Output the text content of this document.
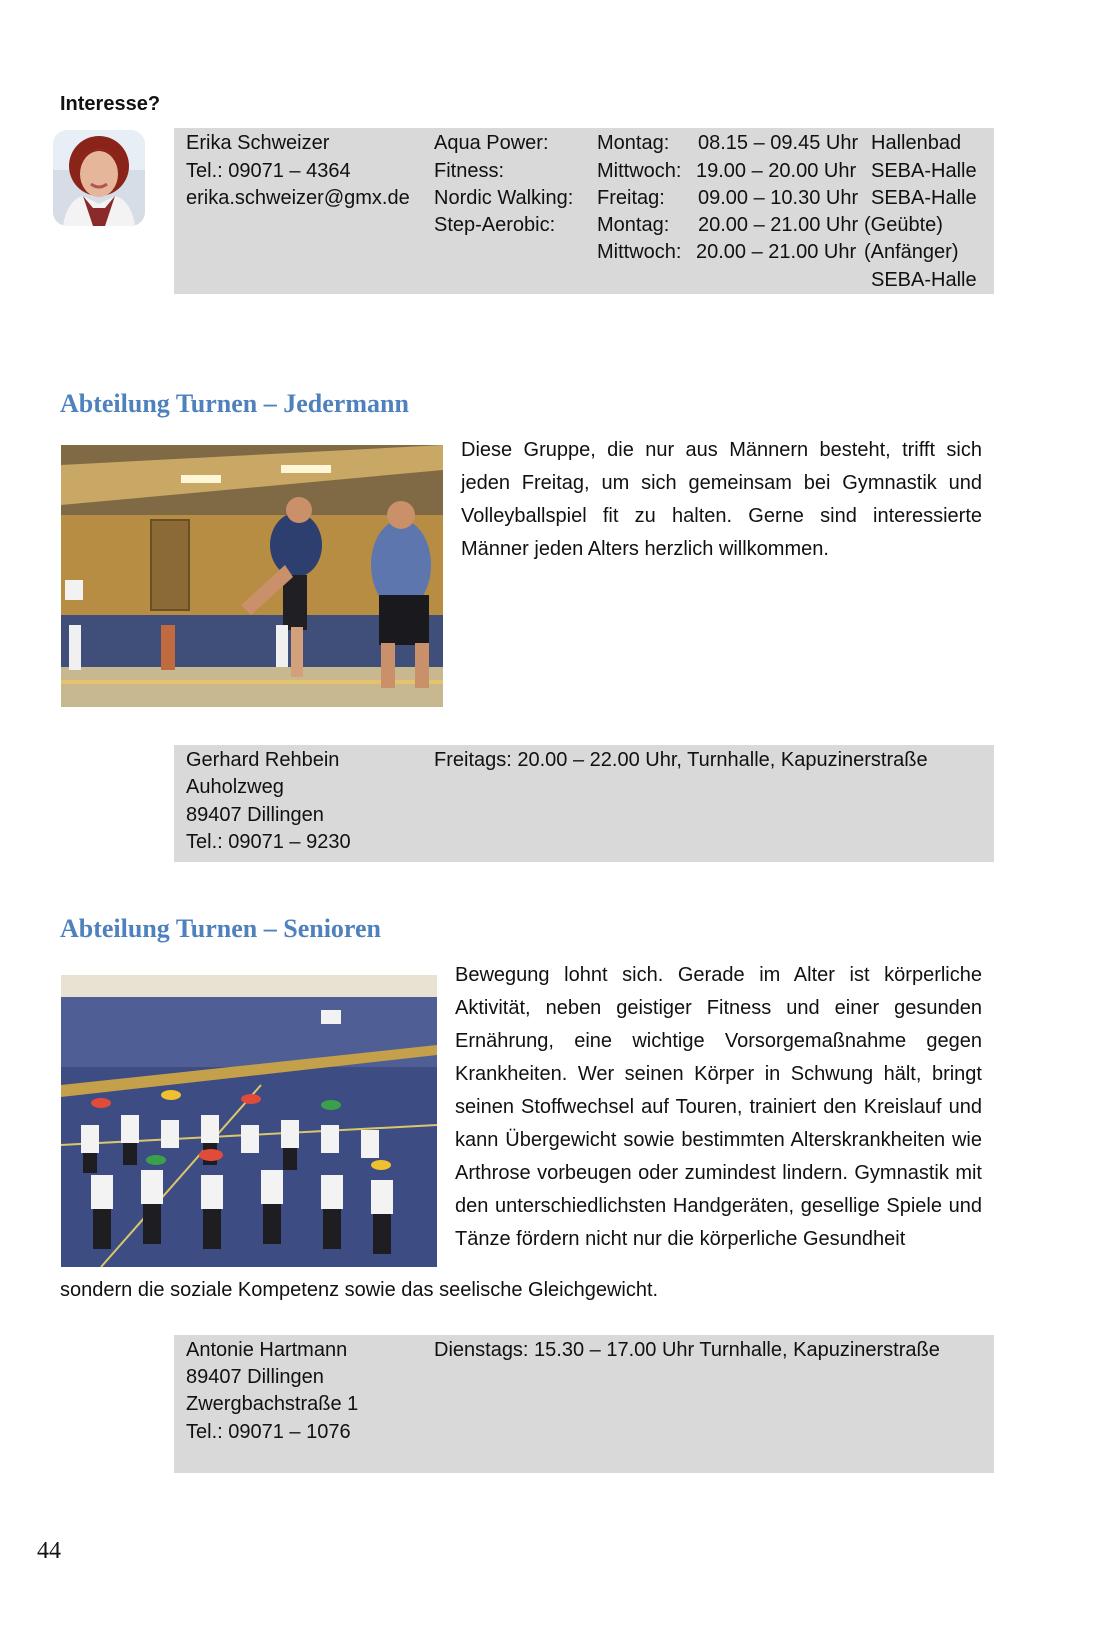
Interesse?
Erika Schweizer
Tel.: 09071 – 4364
erika.schweizer@gmx.de
Aqua Power:
Fitness:
Nordic Walking:
Step-Aerobic:
Montag:
Mittwoch:
Freitag:
Montag:
Mittwoch:
08.15 – 09.45 Uhr
19.00 – 20.00 Uhr
09.00 – 10.30 Uhr
20.00 – 21.00 Uhr
20.00 – 21.00 Uhr
Hallenbad
SEBA-Halle
SEBA-Halle
(Geübte)
(Anfänger)
SEBA-Halle
Abteilung Turnen – Jedermann

Diese Gruppe, die nur aus Männern besteht, trifft sich jeden Freitag, um sich gemeinsam bei Gymnastik und Volleyballspiel fit zu halten. Gerne sind interessierte Männer jeden Alters herzlich willkommen.

Gerhard Rehbein
Auholzweg
89407 Dillingen
Tel.: 09071 – 9230
Freitags: 20.00 – 22.00 Uhr, Turnhalle, Kapuzinerstraße
Abteilung Turnen – Senioren

Bewegung lohnt sich. Gerade im Alter ist körperliche Aktivität, neben geistiger Fitness und einer gesunden Ernährung, eine wichtige Vorsorgemaßnahme gegen Krankheiten. Wer seinen Körper in Schwung hält, bringt seinen Stoffwechsel auf Touren, trainiert den Kreislauf und kann Übergewicht sowie bestimmten Alterskrankheiten wie Arthrose vorbeugen oder zumindest lindern. Gymnastik mit den unterschiedlichsten Handgeräten, gesellige Spiele und Tänze fördern nicht nur die körperliche Gesundheit

sondern die soziale Kompetenz sowie das seelische Gleichgewicht.
Antonie Hartmann
89407 Dillingen
Zwergbachstraße 1
Tel.: 09071 – 1076
Dienstags: 15.30 – 17.00 Uhr Turnhalle, Kapuzinerstraße
44
